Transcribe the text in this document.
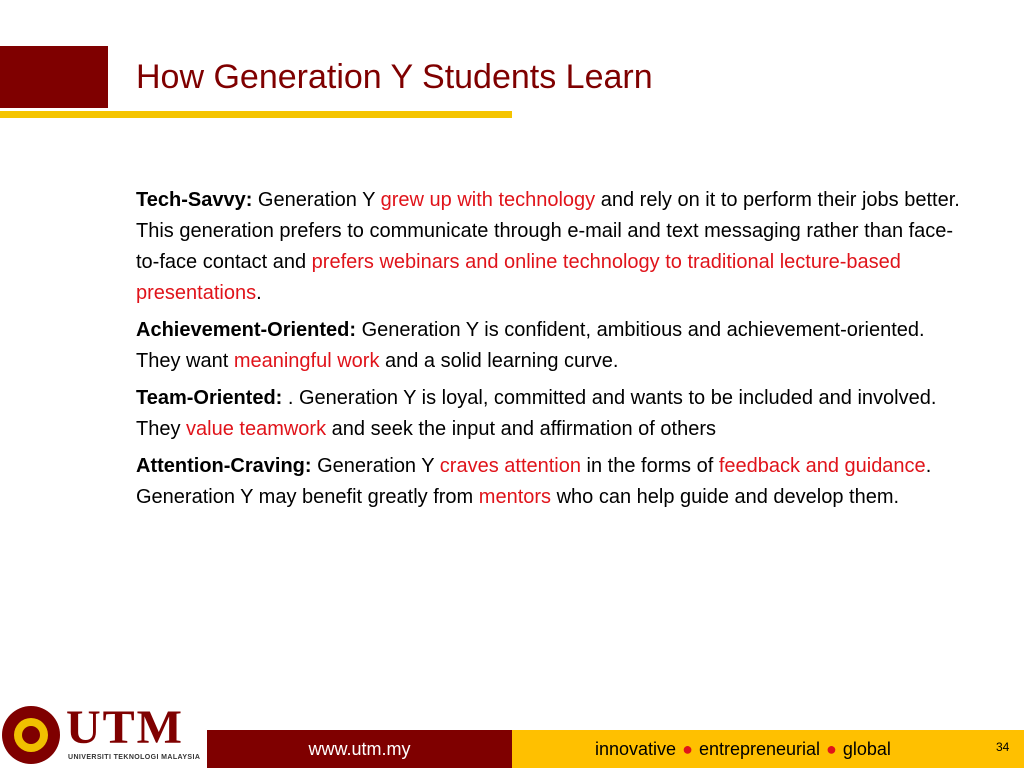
How Generation Y Students Learn

Tech-Savvy: Generation Y grew up with technology and rely on it to perform their jobs better. This generation prefers to communicate through e-mail and text messaging rather than face-to-face contact and prefers webinars and online technology to traditional lecture-based presentations.

Achievement-Oriented: Generation Y is confident, ambitious and achievement-oriented. They want meaningful work and a solid learning curve.

Team-Oriented: . Generation Y is loyal, committed and wants to be included and involved. They value teamwork and seek the input and affirmation of others

Attention-Craving: Generation Y craves attention in the forms of feedback and guidance. Generation Y may benefit greatly from mentors who can help guide and develop them.

UTM
UNIVERSITI TEKNOLOGI MALAYSIA	www.utm.my	innovative ● entrepreneurial ● global	34
